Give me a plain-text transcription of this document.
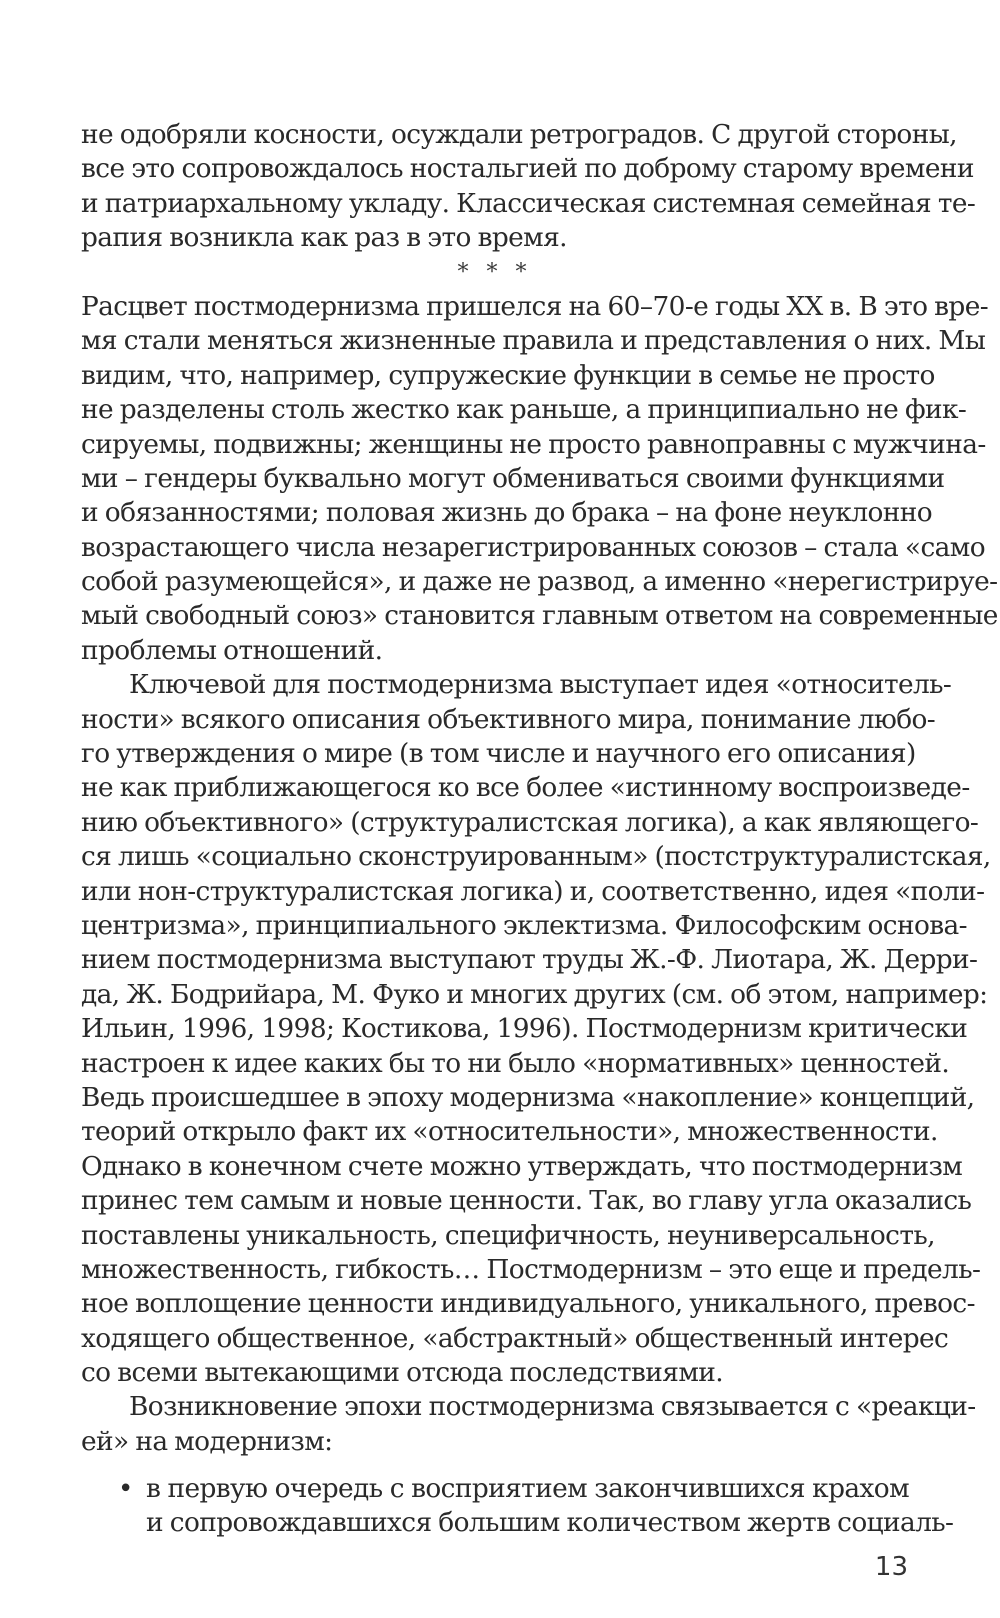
не одобряли косности, осуждали ретроградов. С другой стороны,
все это сопровождалось ностальгией по доброму старому времени
и патриархальному укладу. Классическая системная семейная те-
рапия возникла как раз в это время.
* * *
Расцвет постмодернизма пришелся на 60–70-е годы XX в. В это вре-
мя стали меняться жизненные правила и представления о них. Мы
видим, что, например, супружеские функции в семье не просто
не разделены столь жестко как раньше, а принципиально не фик-
сируемы, подвижны; женщины не просто равноправны с мужчина-
ми – гендеры буквально могут обмениваться своими функциями
и обязанностями; половая жизнь до брака – на фоне неуклонно
возрастающего числа незарегистрированных союзов – стала «само
собой разумеющейся», и даже не развод, а именно «нерегистрируе-
мый свободный союз» становится главным ответом на современные
проблемы отношений.
Ключевой для постмодернизма выступает идея «относитель-
ности» всякого описания объективного мира, понимание любо-
го утверждения о мире (в том числе и научного его описания)
не как приближающегося ко все более «истинному воспроизведе-
нию объективного» (структуралистская логика), а как являющего-
ся лишь «социально сконструированным» (постструктуралистская,
или нон-структуралистская логика) и, соответственно, идея «поли-
центризма», принципиального эклектизма. Философским основа-
нием постмодернизма выступают труды Ж.-Ф. Лиотара, Ж. Дерри-
да, Ж. Бодрийара, М. Фуко и многих других (см. об этом, например:
Ильин, 1996, 1998; Костикова, 1996). Постмодернизм критически
настроен к идее каких бы то ни было «нормативных» ценностей.
Ведь происшедшее в эпоху модернизма «накопление» концепций,
теорий открыло факт их «относительности», множественности.
Однако в конечном счете можно утверждать, что постмодернизм
принес тем самым и новые ценности. Так, во главу угла оказались
поставлены уникальность, специфичность, неуниверсальность,
множественность, гибкость… Постмодернизм – это еще и предель-
ное воплощение ценности индивидуального, уникального, превос-
ходящего общественное, «абстрактный» общественный интерес
со всеми вытекающими отсюда последствиями.
Возникновение эпохи постмодернизма связывается с «реакци-
ей» на модернизм:
• в первую очередь с восприятием закончившихся крахом
и сопровождавшихся большим количеством жертв социаль-
13
